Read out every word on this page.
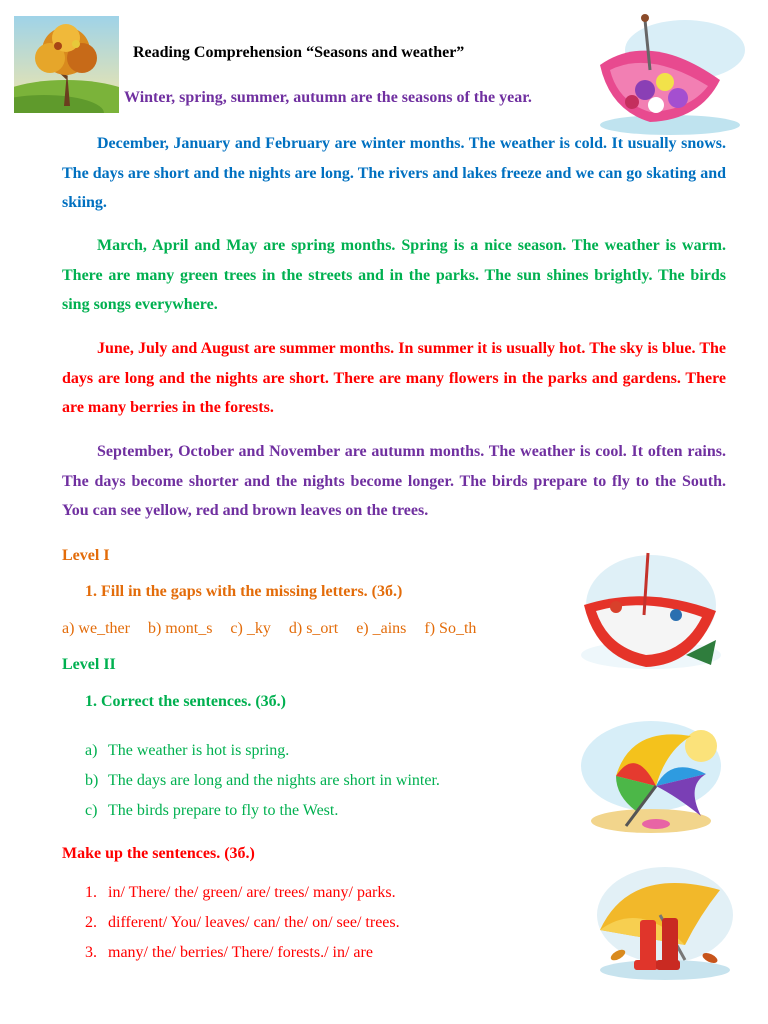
Reading Comprehension “Seasons and weather”
Winter, spring, summer, autumn are the seasons of the year.

December, January and February are winter months. The weather is cold. It usually snows. The days are short and the nights are long. The rivers and lakes freeze and we can go skating and skiing.

March, April and May are spring months. Spring is a nice season. The weather is warm. There are many green trees in the streets and in the parks. The sun shines brightly. The birds sing songs everywhere.

June, July and August are summer months. In summer it is usually hot. The sky is blue. The days are long and the nights are short. There are many flowers in the parks and gardens. There are many berries in the forests.

September, October and November are autumn months. The weather is cool. It often rains. The days become shorter and the nights become longer. The birds prepare to fly to the South. You can see yellow, red and brown leaves on the trees.

Level I
1. Fill in the gaps with the missing letters. (3б.)
a) we_ther b) mont_s c) _ky d) s_ort e) _ains f) So_th
Level II
1. Correct the sentences. (3б.)
a) The weather is hot is spring.
b) The days are long and the nights are short in winter.
c) The birds prepare to fly to the West.
Make up the sentences. (3б.)
1. in/ There/ the/ green/ are/ trees/ many/ parks.
2. different/ You/ leaves/ can/ the/ on/ see/ trees.
3. many/ the/ berries/ There/ forests./ in/ are
